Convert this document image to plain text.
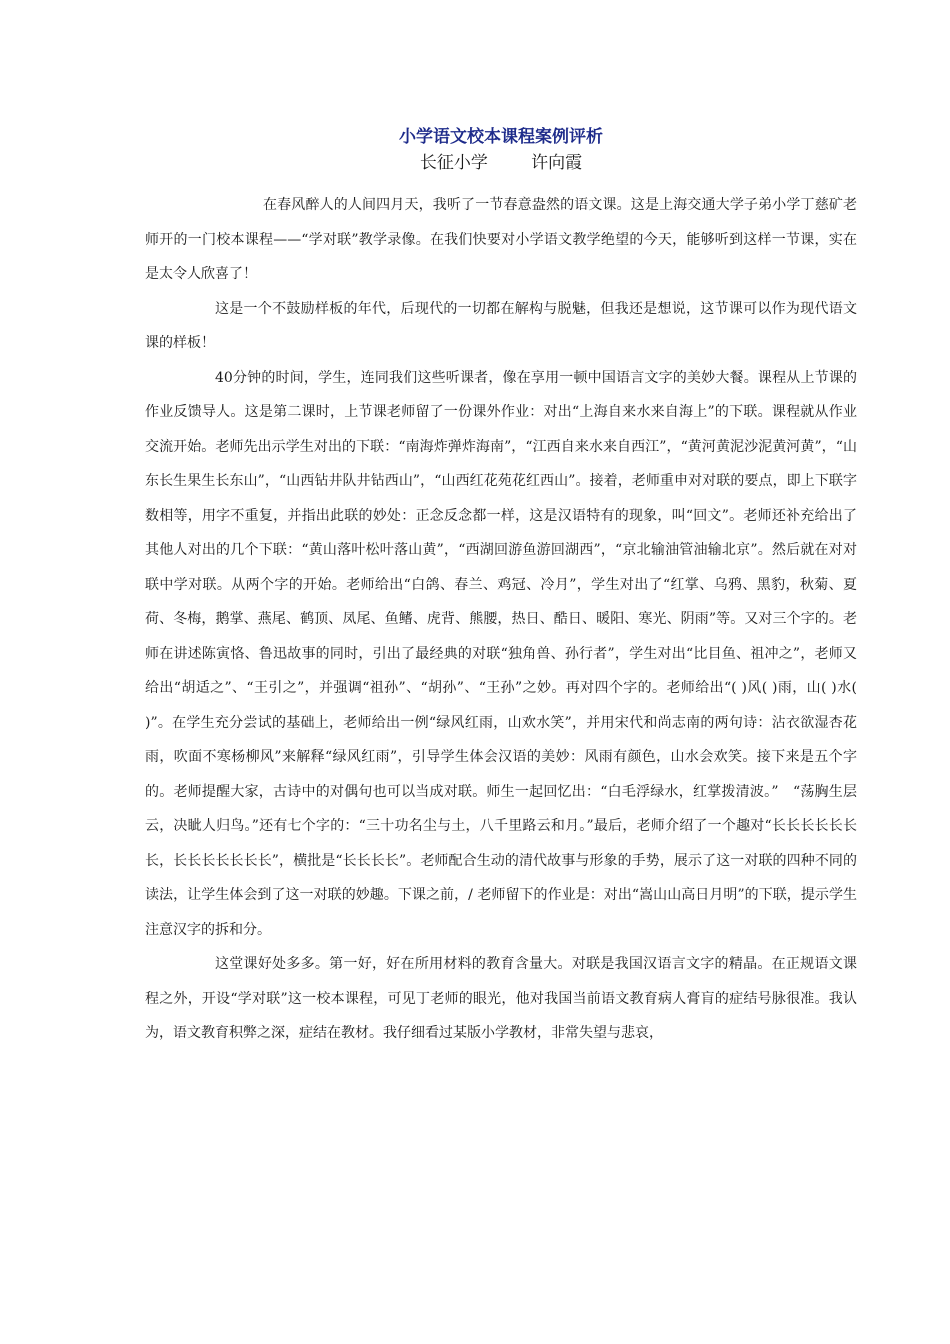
小学语文校本课程案例评析

长征小学        许向霞

在春风醉人的人间四月天，我听了一节春意盎然的语文课。这是上海交通大学子弟小学丁慈矿老师开的一门校本课程——“学对联”教学录像。在我们快要对小学语文教学绝望的今天，能够听到这样一节课，实在是太令人欣喜了！

这是一个不鼓励样板的年代，后现代的一切都在解构与脱魅，但我还是想说，这节课可以作为现代语文课的样板！

40分钟的时间，学生，连同我们这些听课者，像在享用一顿中国语言文字的美妙大餐。课程从上节课的作业反馈导人。这是第二课时，上节课老师留了一份课外作业：对出“上海自来水来自海上”的下联。课程就从作业交流开始。老师先出示学生对出的下联：“南海炸弹炸海南”，“江西自来水来自西江”，“黄河黄泥沙泥黄河黄”，“山东长生果生长东山”，“山西钻井队井钻西山”，“山西红花苑花红西山”。接着，老师重申对对联的要点，即上下联字数相等，用字不重复，并指出此联的妙处：正念反念都一样，这是汉语特有的现象，叫“回文”。老师还补充给出了其他人对出的几个下联：“黄山落叶松叶落山黄”，“西湖回游鱼游回湖西”，“京北输油管油输北京”。然后就在对对联中学对联。从两个字的开始。老师给出“白鸽、春兰、鸡冠、冷月”，学生对出了“红掌、乌鸦、黑豹，秋菊、夏荷、冬梅，鹅掌、燕尾、鹤顶、凤尾、鱼鳍、虎背、熊腰，热日、酷日、暖阳、寒光、阴雨”等。又对三个字的。老师在讲述陈寅恪、鲁迅故事的同时，引出了最经典的对联“独角兽、孙行者”，学生对出“比目鱼、祖冲之”，老师又给出“胡适之”、“王引之”，并强调“祖孙”、“胡孙”、“王孙”之妙。再对四个字的。老师给出“( )风( )雨，山( )水( )”。在学生充分尝试的基础上，老师给出一例“绿风红雨，山欢水笑”，并用宋代和尚志南的两句诗：沾衣欲湿杏花雨，吹面不寒杨柳风”来解释“绿风红雨”，引导学生体会汉语的美妙：风雨有颜色，山水会欢笑。接下来是五个字的。老师提醒大家，古诗中的对偶句也可以当成对联。师生一起回忆出：“白毛浮绿水，红掌拨清波。”　“荡胸生层云，决眦人归鸟。”还有七个字的：“三十功名尘与土，八千里路云和月。”最后，老师介绍了一个趣对“长长长长长长长，长长长长长长长”，横批是“长长长长”。老师配合生动的清代故事与形象的手势，展示了这一对联的四种不同的读法，让学生体会到了这一对联的妙趣。下课之前，/ 老师留下的作业是：对出“嵩山山高日月明”的下联，提示学生注意汉字的拆和分。

这堂课好处多多。第一好，好在所用材料的教育含量大。对联是我国汉语言文字的精晶。在正规语文课程之外，开设“学对联”这一校本课程，可见丁老师的眼光，他对我国当前语文教育病人膏肓的症结号脉很准。我认为，语文教育积弊之深，症结在教材。我仔细看过某版小学教材，非常失望与悲哀，
